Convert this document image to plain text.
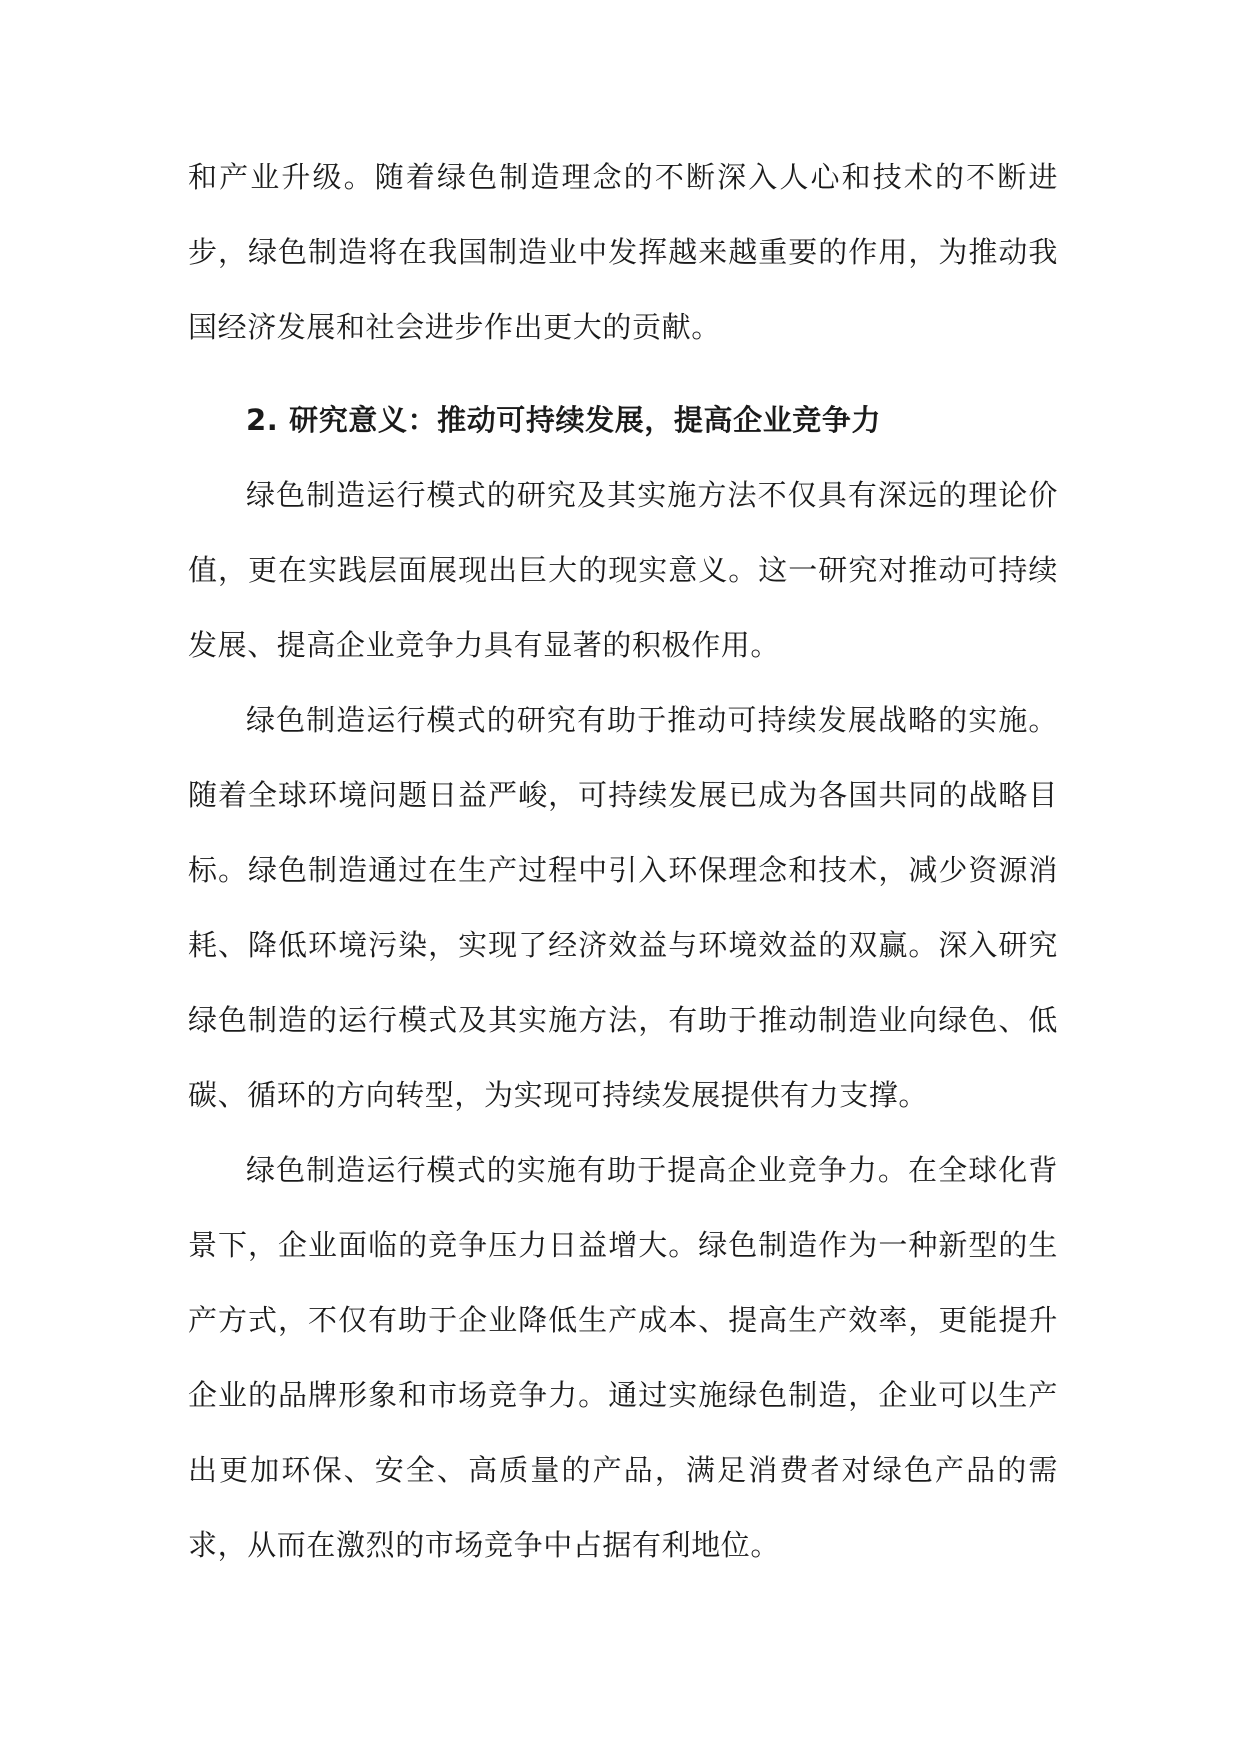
和产业升级。随着绿色制造理念的不断深入人心和技术的不断进步，绿色制造将在我国制造业中发挥越来越重要的作用，为推动我国经济发展和社会进步作出更大的贡献。

2. 研究意义：推动可持续发展，提高企业竞争力

绿色制造运行模式的研究及其实施方法不仅具有深远的理论价值，更在实践层面展现出巨大的现实意义。这一研究对推动可持续发展、提高企业竞争力具有显著的积极作用。

绿色制造运行模式的研究有助于推动可持续发展战略的实施。随着全球环境问题日益严峻，可持续发展已成为各国共同的战略目标。绿色制造通过在生产过程中引入环保理念和技术，减少资源消耗、降低环境污染，实现了经济效益与环境效益的双赢。深入研究绿色制造的运行模式及其实施方法，有助于推动制造业向绿色、低碳、循环的方向转型，为实现可持续发展提供有力支撑。

绿色制造运行模式的实施有助于提高企业竞争力。在全球化背景下，企业面临的竞争压力日益增大。绿色制造作为一种新型的生产方式，不仅有助于企业降低生产成本、提高生产效率，更能提升企业的品牌形象和市场竞争力。通过实施绿色制造，企业可以生产出更加环保、安全、高质量的产品，满足消费者对绿色产品的需求，从而在激烈的市场竞争中占据有利地位。
